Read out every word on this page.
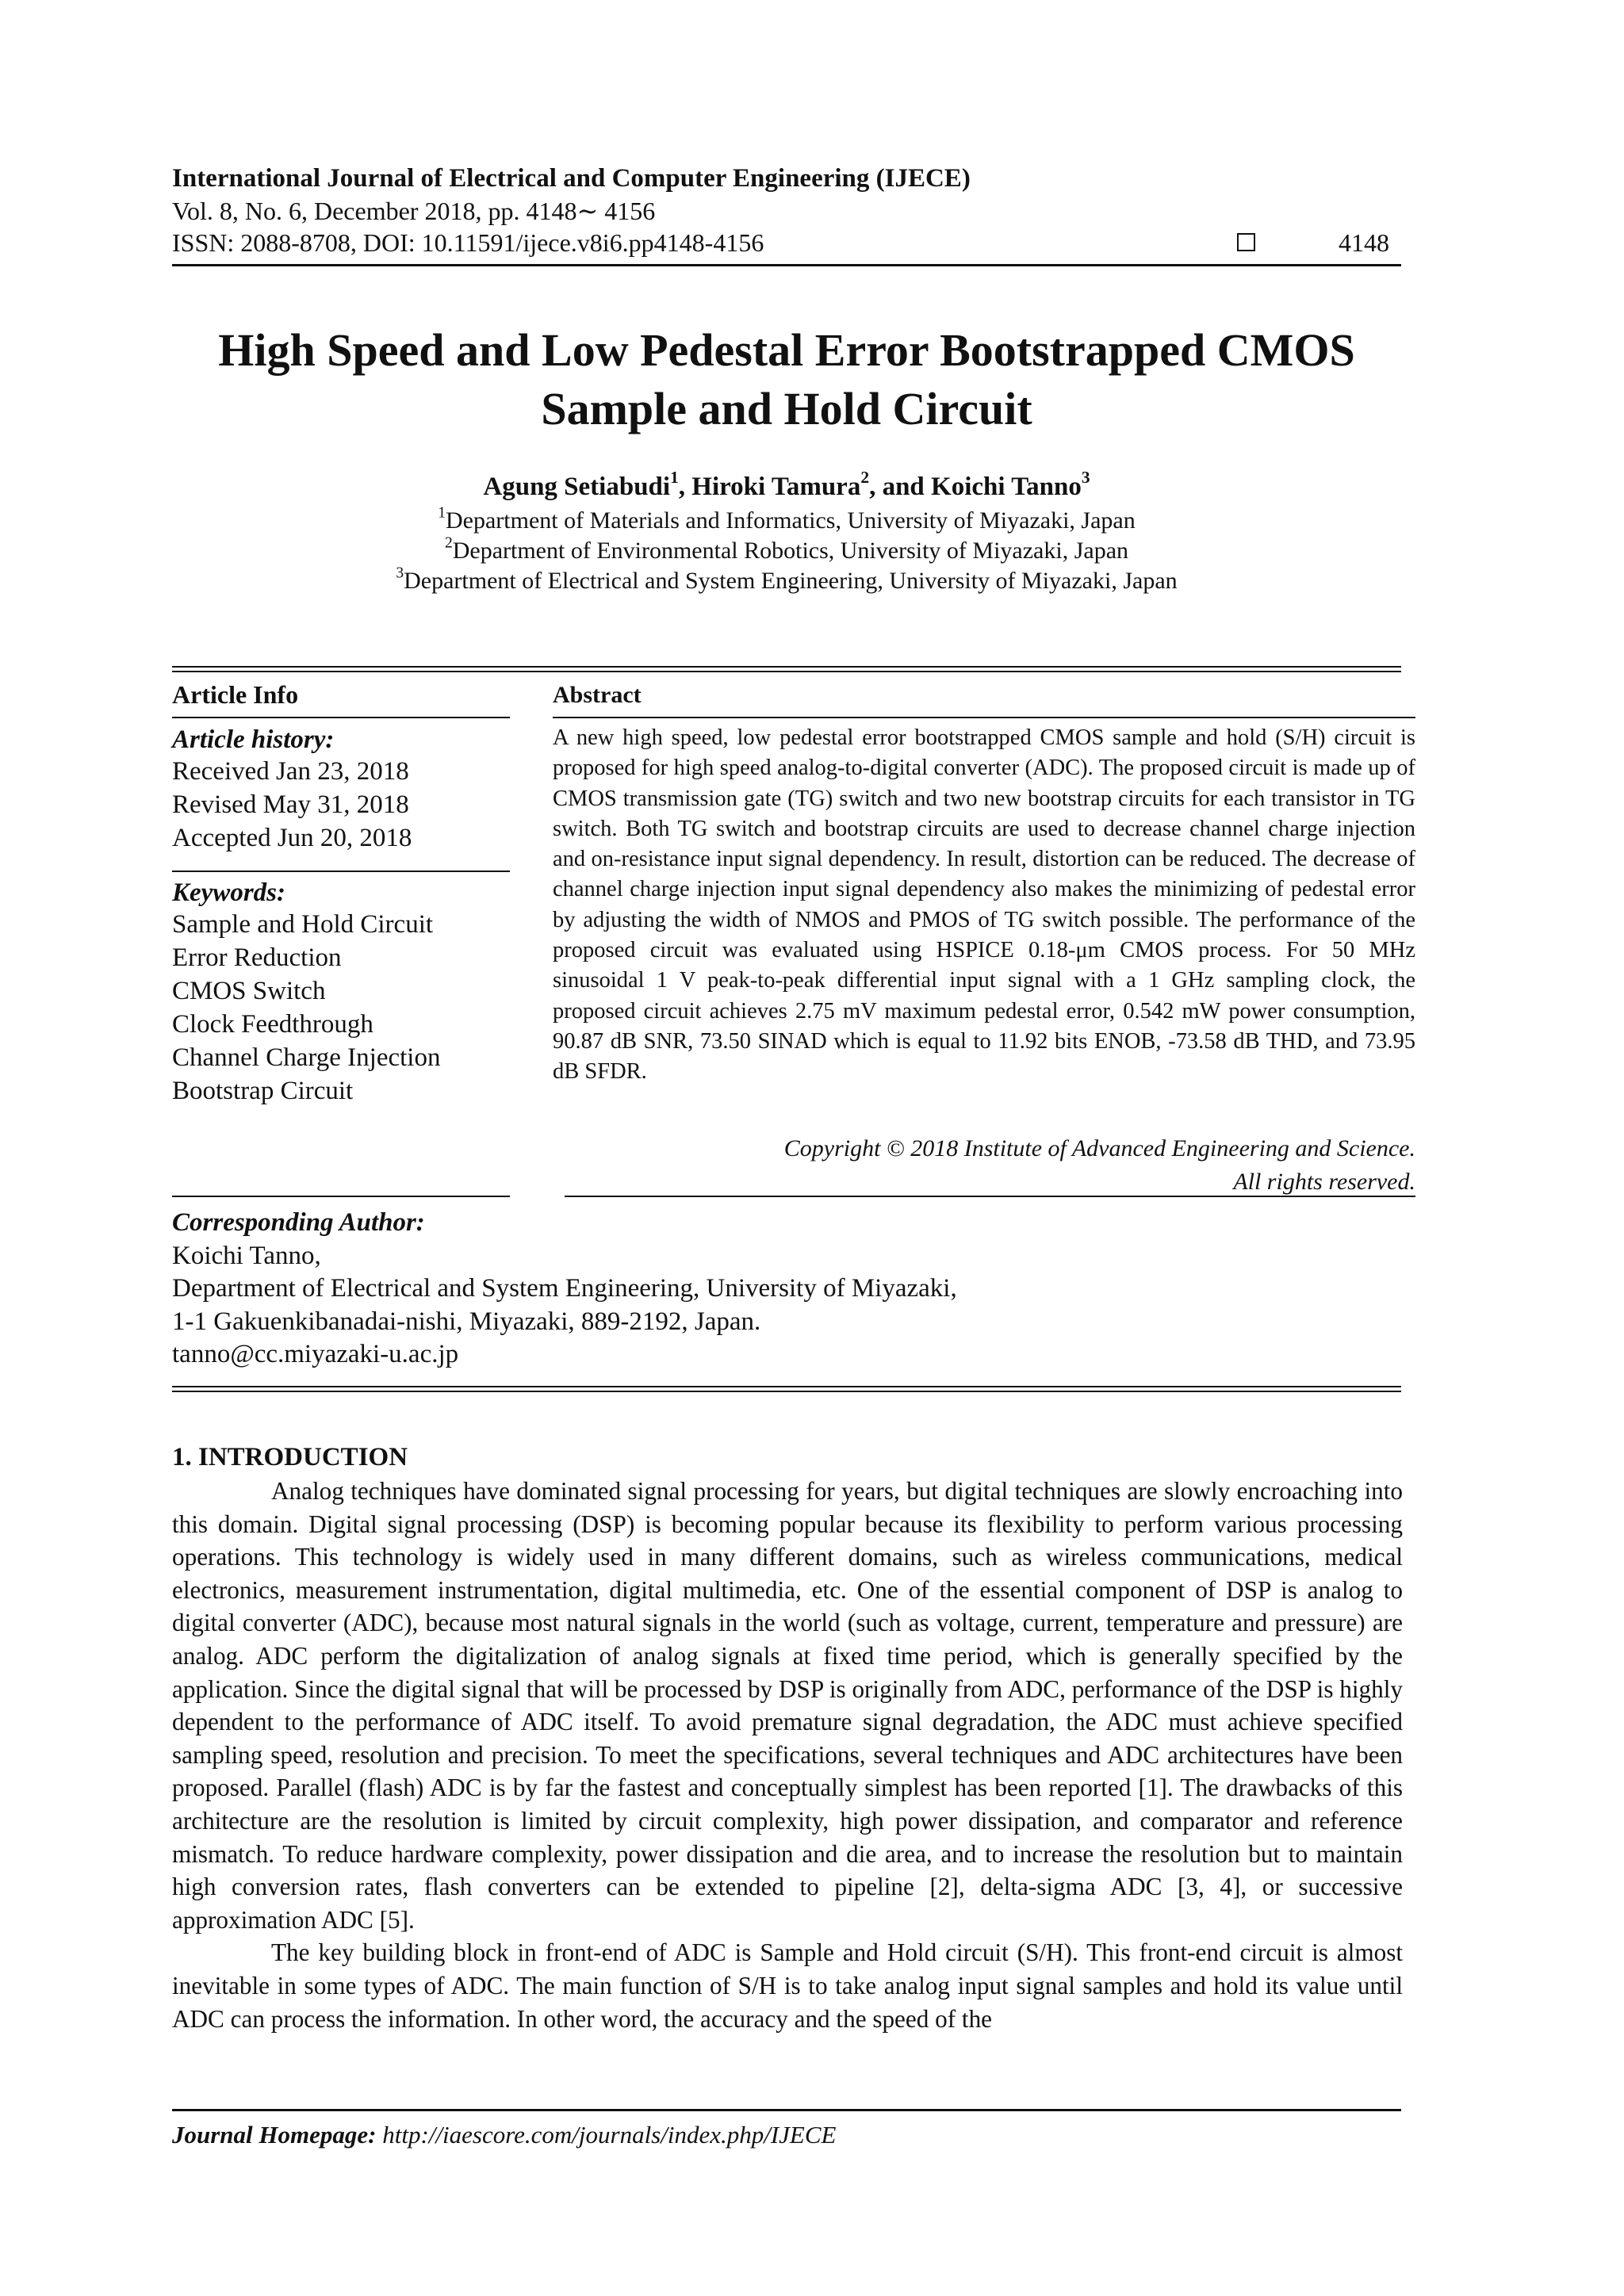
International Journal of Electrical and Computer Engineering (IJECE)
Vol. 8, No. 6, December 2018, pp. 4148∼ 4156
ISSN: 2088-8708, DOI: 10.11591/ijece.v8i6.pp4148-4156	4148
High Speed and Low Pedestal Error Bootstrapped CMOS
Sample and Hold Circuit
Agung Setiabudi$^1$, Hiroki Tamura$^2$, and Koichi Tanno$^3$
$^1$Department of Materials and Informatics, University of Miyazaki, Japan
$^2$Department of Environmental Robotics, University of Miyazaki, Japan
$^3$Department of Electrical and System Engineering, University of Miyazaki, Japan
Article Info
Article history:
Received Jan 23, 2018
Revised May 31, 2018
Accepted Jun 20, 2018
Keywords:
Sample and Hold Circuit
Error Reduction
CMOS Switch
Clock Feedthrough
Channel Charge Injection
Bootstrap Circuit
Abstract
A new high speed, low pedestal error bootstrapped CMOS sample and hold (S/H) circuit is proposed for high speed analog-to-digital converter (ADC). The proposed circuit is made up of CMOS transmission gate (TG) switch and two new bootstrap circuits for each transistor in TG switch. Both TG switch and bootstrap circuits are used to decrease channel charge injection and on-resistance input signal dependency. In result, distortion can be reduced. The decrease of channel charge injection input signal dependency also makes the minimizing of pedestal error by adjusting the width of NMOS and PMOS of TG switch possible. The performance of the proposed circuit was evaluated using HSPICE 0.18-μm CMOS process. For 50 MHz sinusoidal 1 V peak-to-peak differential input signal with a 1 GHz sampling clock, the proposed circuit achieves 2.75 mV maximum pedestal error, 0.542 mW power consumption, 90.87 dB SNR, 73.50 SINAD which is equal to 11.92 bits ENOB, -73.58 dB THD, and 73.95 dB SFDR.
Copyright © 2018 Institute of Advanced Engineering and Science.
All rights reserved.
Corresponding Author:
Koichi Tanno,
Department of Electrical and System Engineering, University of Miyazaki,
1-1 Gakuenkibanadai-nishi, Miyazaki, 889-2192, Japan.
tanno@cc.miyazaki-u.ac.jp
1. INTRODUCTION

Analog techniques have dominated signal processing for years, but digital techniques are slowly encroaching into this domain. Digital signal processing (DSP) is becoming popular because its flexibility to perform various processing operations. This technology is widely used in many different domains, such as wireless communications, medical electronics, measurement instrumentation, digital multimedia, etc. One of the essential component of DSP is analog to digital converter (ADC), because most natural signals in the world (such as voltage, current, temperature and pressure) are analog. ADC perform the digitalization of analog signals at fixed time period, which is generally specified by the application. Since the digital signal that will be processed by DSP is originally from ADC, performance of the DSP is highly dependent to the performance of ADC itself. To avoid premature signal degradation, the ADC must achieve specified sampling speed, resolution and precision. To meet the specifications, several techniques and ADC architectures have been proposed. Parallel (flash) ADC is by far the fastest and conceptually simplest has been reported [1]. The drawbacks of this architecture are the resolution is limited by circuit complexity, high power dissipation, and comparator and reference mismatch. To reduce hardware complexity, power dissipation and die area, and to increase the resolution but to maintain high conversion rates, flash converters can be extended to pipeline [2], delta-sigma ADC [3, 4], or successive approximation ADC [5].

The key building block in front-end of ADC is Sample and Hold circuit (S/H). This front-end circuit is almost inevitable in some types of ADC. The main function of S/H is to take analog input signal samples and hold its value until ADC can process the information. In other word, the accuracy and the speed of the

Journal Homepage: http://iaescore.com/journals/index.php/IJECE
